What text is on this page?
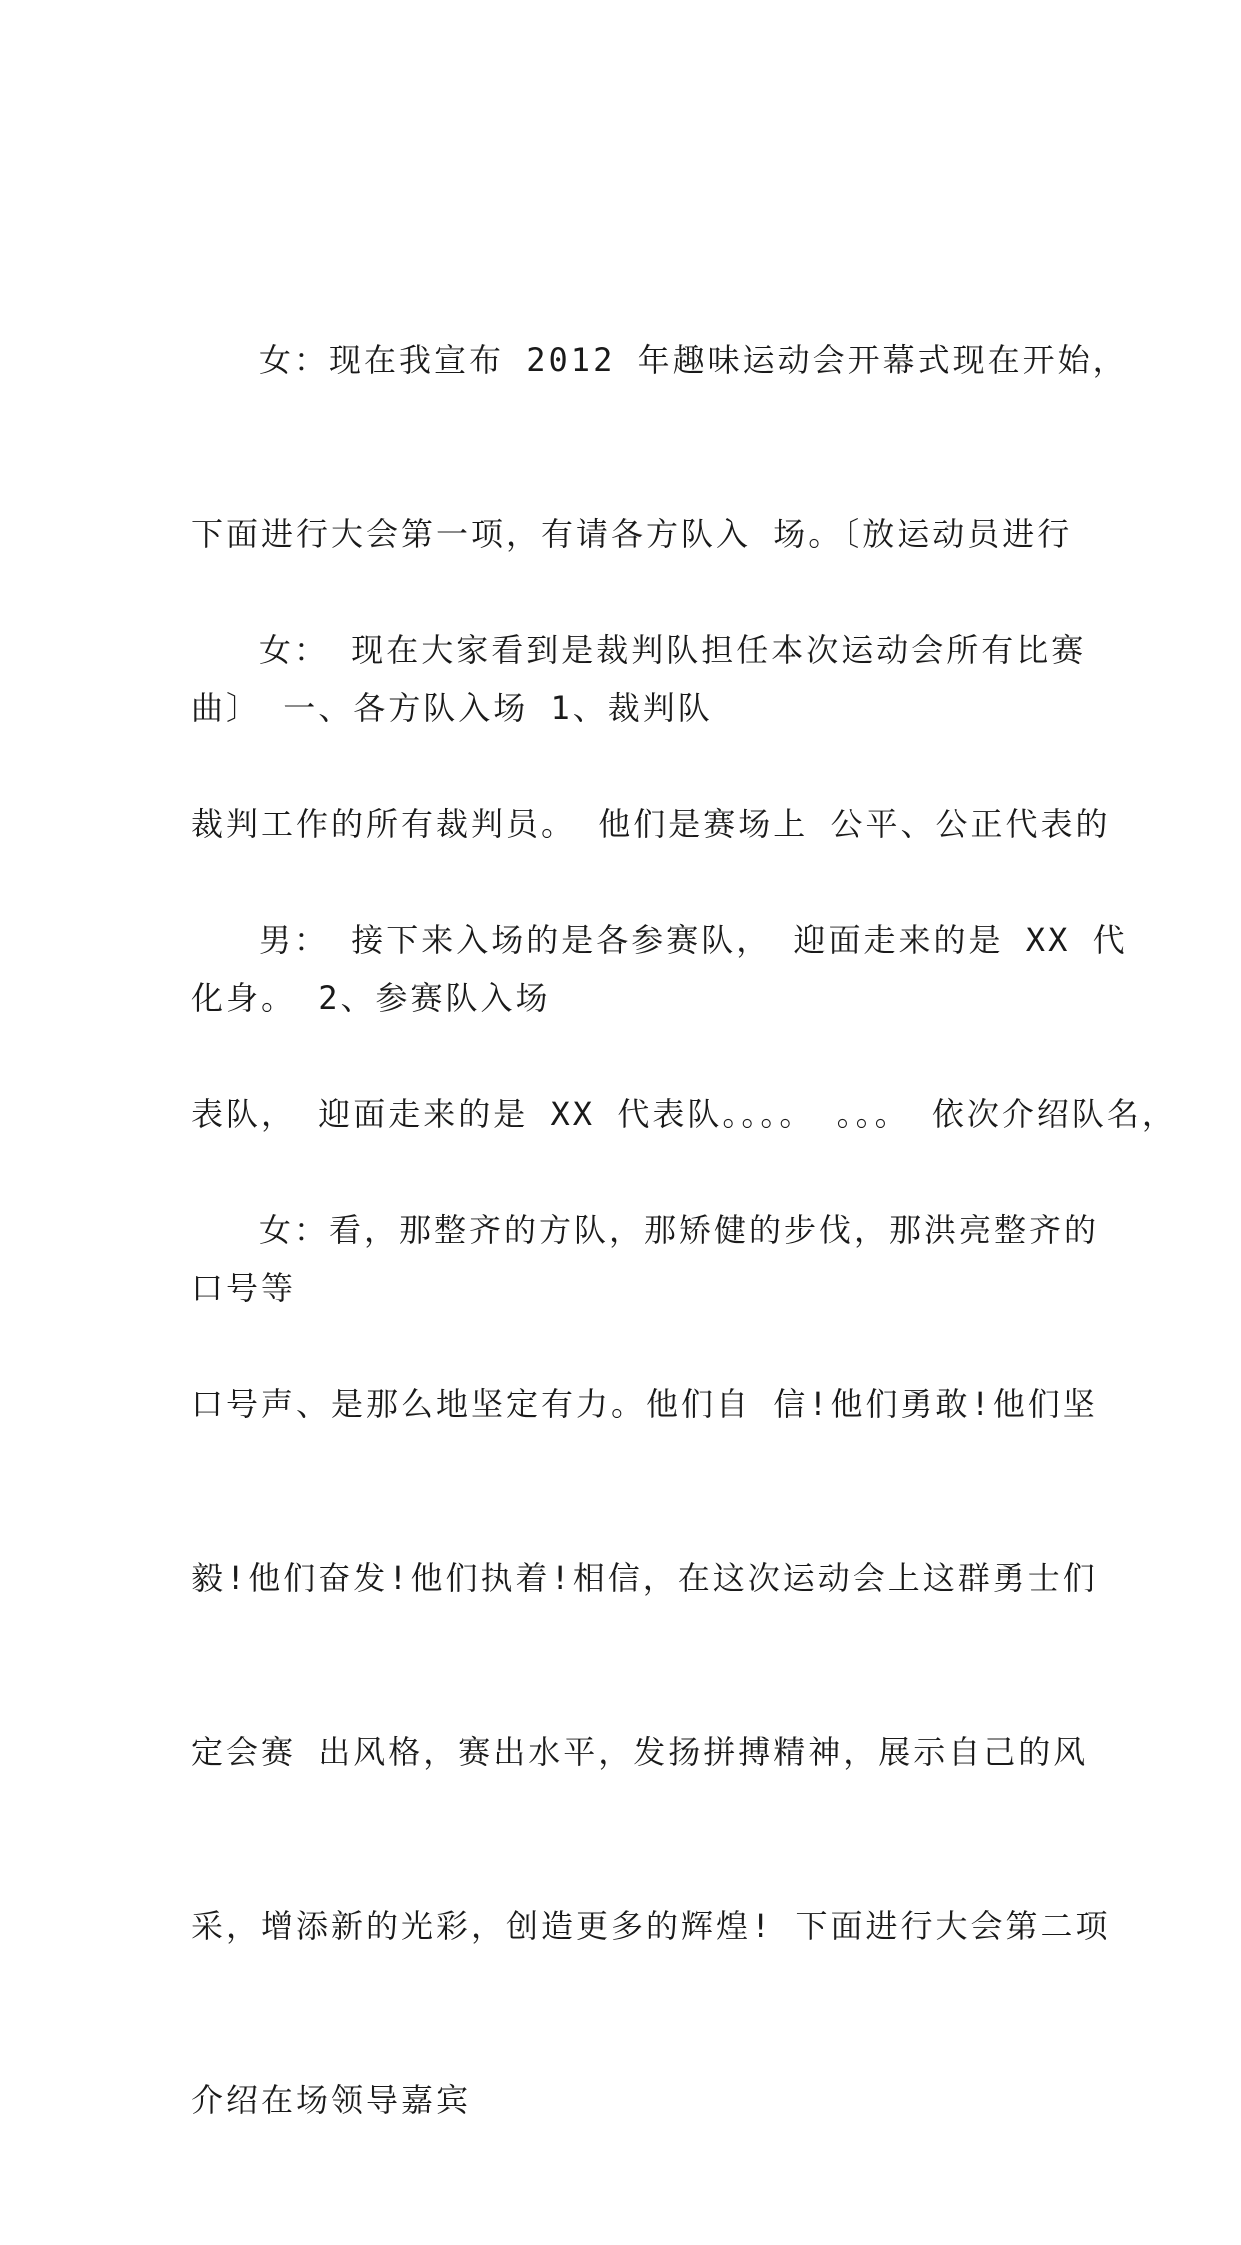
女：现在我宣布 2012 年趣味运动会开幕式现在开始，

下面进行大会第一项，有请各方队入 场。〔放运动员进行

曲〕 一、各方队入场 1、裁判队

女： 现在大家看到是裁判队担任本次运动会所有比赛

裁判工作的所有裁判员。 他们是赛场上 公平、公正代表的

化身。 2、参赛队入场

男： 接下来入场的是各参赛队， 迎面走来的是 XX 代

表队， 迎面走来的是 XX 代表队。。。。 。。。 依次介绍队名，

口号等

女：看，那整齐的方队，那矫健的步伐，那洪亮整齐的

口号声、是那么地坚定有力。他们自 信!他们勇敢!他们坚

毅!他们奋发!他们执着!相信，在这次运动会上这群勇士们

定会赛 出风格，赛出水平，发扬拼搏精神，展示自己的风

采，增添新的光彩，创造更多的辉煌! 下面进行大会第二项

介绍在场领导嘉宾
